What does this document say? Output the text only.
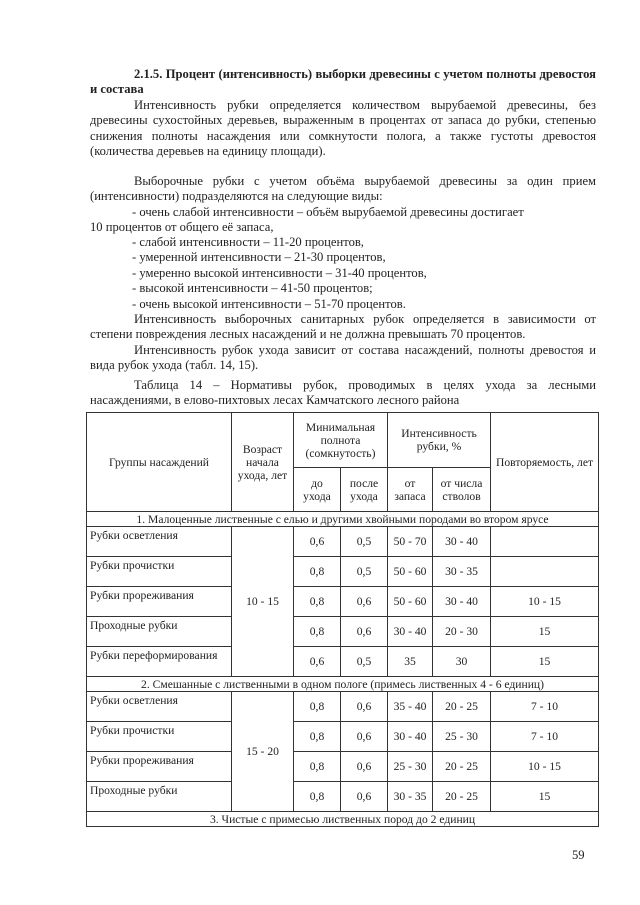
2.1.5. Процент (интенсивность) выборки древесины с учетом полноты древостоя и состава
Интенсивность рубки определяется количеством вырубаемой древесины, без древесины сухостойных деревьев, выраженным в процентах от запаса до рубки, степенью снижения полноты насаждения или сомкнутости полога, а также густоты древостоя (количества деревьев на единицу площади).
Выборочные рубки с учетом объёма вырубаемой древесины за один прием (интенсивности) подразделяются на следующие виды:
- очень слабой интенсивности – объём вырубаемой древесины достигает
10 процентов от общего её запаса,
- слабой интенсивности – 11-20 процентов,
- умеренной интенсивности – 21-30 процентов,
- умеренно высокой интенсивности – 31-40 процентов,
- высокой интенсивности – 41-50 процентов;
- очень высокой интенсивности – 51-70 процентов.
Интенсивность выборочных санитарных рубок определяется в зависимости от степени повреждения лесных насаждений и не должна превышать 70 процентов.
Интенсивность рубок ухода зависит от состава насаждений, полноты древостоя и вида рубок ухода (табл. 14, 15).
Таблица 14 – Нормативы рубок, проводимых в целях ухода за лесными насаждениями, в елово-пихтовых лесах Камчатского лесного района
Группы насаждений	Возраст начала ухода, лет	Минимальная полнота (сомкнутость)		Интенсивность рубки, %		Повторяемость, лет
		до ухода	после ухода	от запаса	от числа стволов	
1. Малоценные лиственные с елью и другими хвойными породами во втором ярусе						
Рубки осветления	10 - 15	0,6	0,5	50 - 70	30 - 40	
Рубки прочистки		0,8	0,5	50 - 60	30 - 35	
Рубки прореживания		0,8	0,6	50 - 60	30 - 40	10 - 15
Проходные рубки		0,8	0,6	30 - 40	20 - 30	15
Рубки переформирования		0,6	0,5	35	30	15
2. Смешанные с лиственными в одном пологе (примесь лиственных 4 - 6 единиц)						
Рубки осветления	15 - 20	0,8	0,6	35 - 40	20 - 25	7 - 10
Рубки прочистки		0,8	0,6	30 - 40	25 - 30	7 - 10
Рубки прореживания		0,8	0,6	25 - 30	20 - 25	10 - 15
Проходные рубки		0,8	0,6	30 - 35	20 - 25	15
3. Чистые с примесью лиственных пород до 2 единиц						
59
